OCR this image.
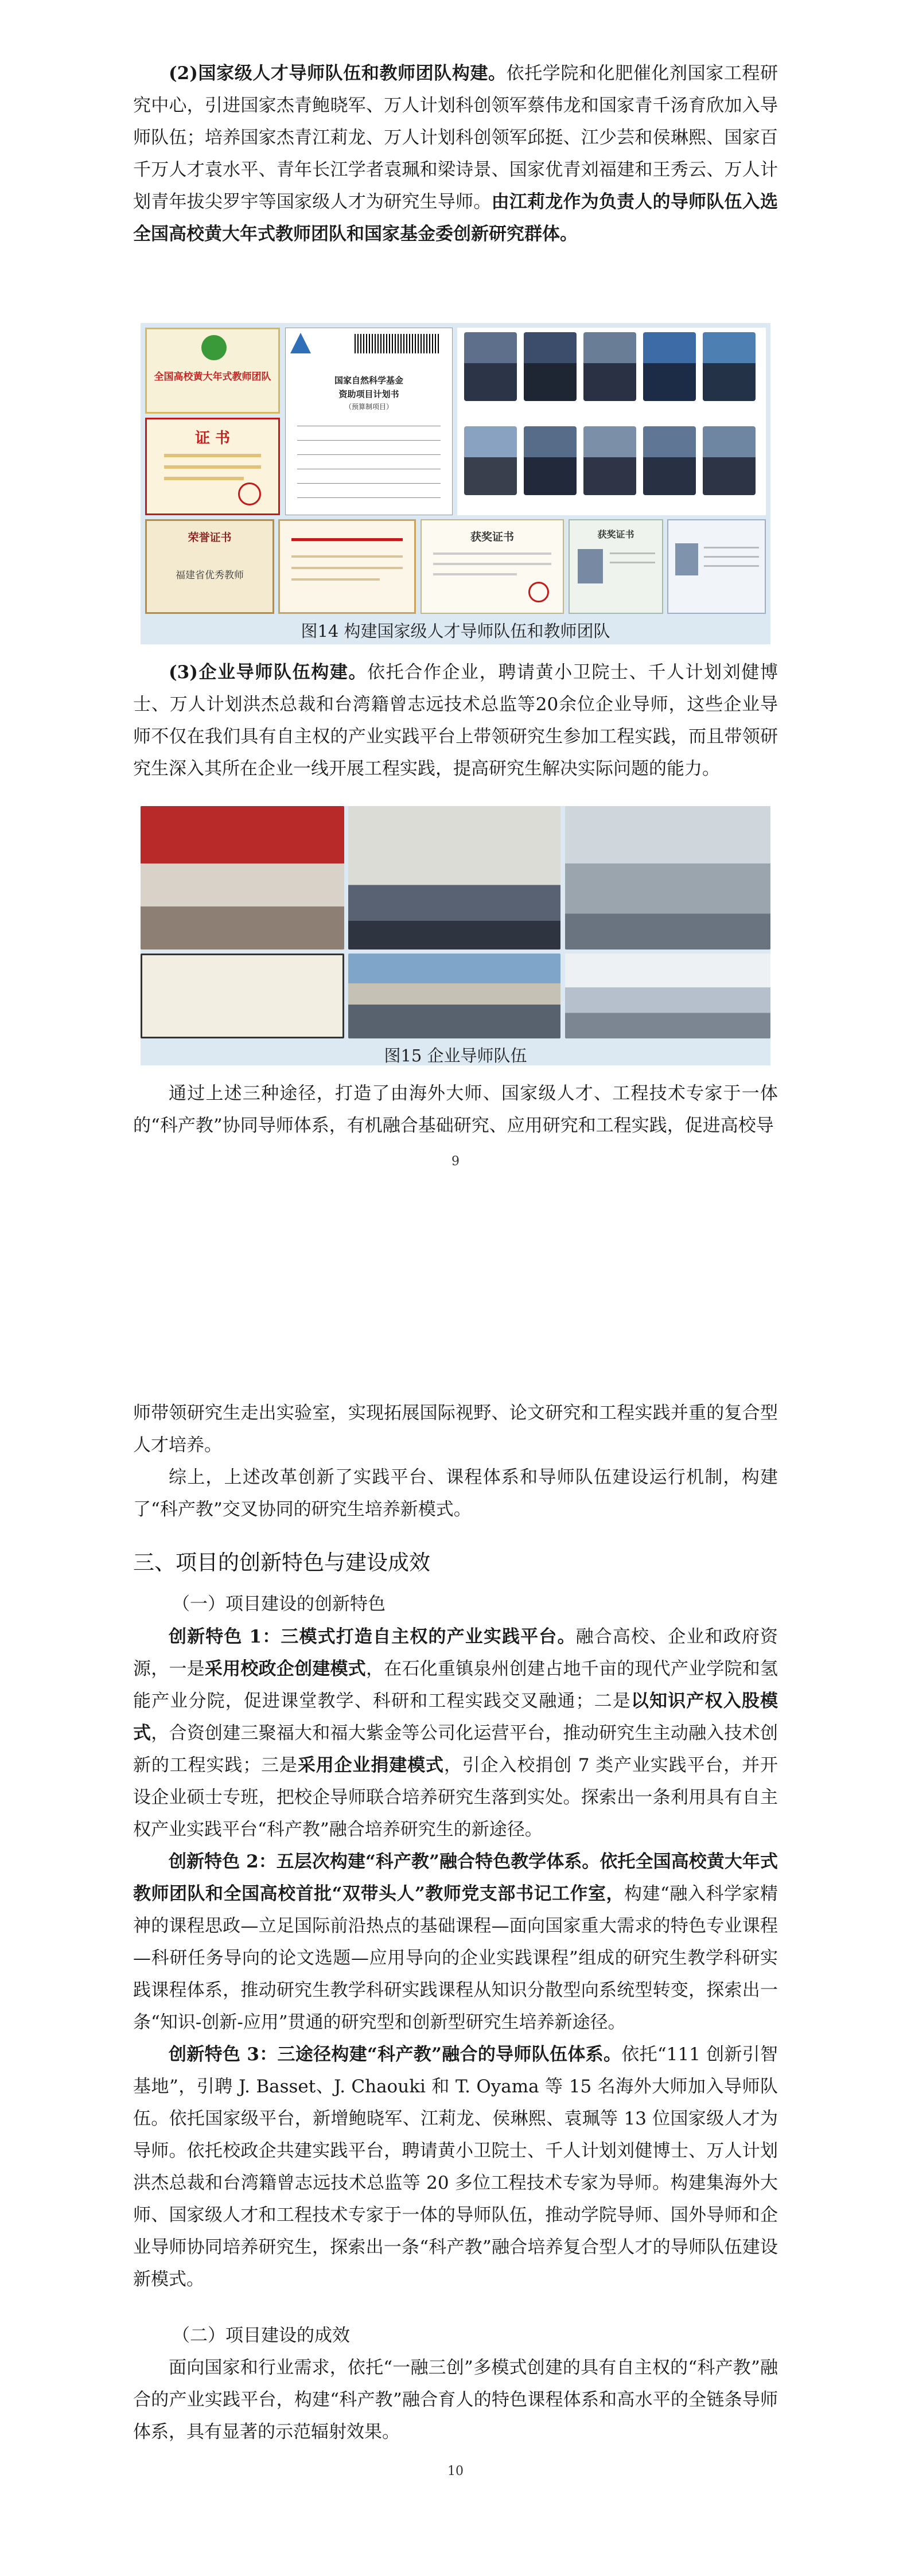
(2)国家级人才导师队伍和教师团队构建。依托学院和化肥催化剂国家工程研究中心，引进国家杰青鲍晓军、万人计划科创领军蔡伟龙和国家青千汤育欣加入导师队伍；培养国家杰青江莉龙、万人计划科创领军邱挺、江少芸和侯琳熙、国家百千万人才袁水平、青年长江学者袁珮和梁诗景、国家优青刘福建和王秀云、万人计划青年拔尖罗宇等国家级人才为研究生导师。由江莉龙作为负责人的导师队伍入选全国高校黄大年式教师团队和国家基金委创新研究群体。

全国高校黄大年式教师团队
证 书
国家自然科学基金
资助项目计划书
（预算制项目）
荣誉证书
福建省优秀教师
获奖证书	获奖证书
图14 构建国家级人才导师队伍和教师团队

(3)企业导师队伍构建。依托合作企业，聘请黄小卫院士、千人计划刘健博士、万人计划洪杰总裁和台湾籍曾志远技术总监等20余位企业导师，这些企业导师不仅在我们具有自主权的产业实践平台上带领研究生参加工程实践，而且带领研究生深入其所在企业一线开展工程实践，提高研究生解决实际问题的能力。

图15 企业导师队伍

通过上述三种途径，打造了由海外大师、国家级人才、工程技术专家于一体的“科产教”协同导师体系，有机融合基础研究、应用研究和工程实践，促进高校导

9

师带领研究生走出实验室，实现拓展国际视野、论文研究和工程实践并重的复合型人才培养。

综上，上述改革创新了实践平台、课程体系和导师队伍建设运行机制，构建了“科产教”交叉协同的研究生培养新模式。

三、项目的创新特色与建设成效
（一）项目建设的创新特色

创新特色 1：三模式打造自主权的产业实践平台。融合高校、企业和政府资源，一是采用校政企创建模式，在石化重镇泉州创建占地千亩的现代产业学院和氢能产业分院，促进课堂教学、科研和工程实践交叉融通；二是以知识产权入股模式，合资创建三聚福大和福大紫金等公司化运营平台，推动研究生主动融入技术创新的工程实践；三是采用企业捐建模式，引企入校捐创 7 类产业实践平台，并开设企业硕士专班，把校企导师联合培养研究生落到实处。探索出一条利用具有自主权产业实践平台“科产教”融合培养研究生的新途径。

创新特色 2：五层次构建“科产教”融合特色教学体系。依托全国高校黄大年式教师团队和全国高校首批“双带头人”教师党支部书记工作室，构建“融入科学家精神的课程思政—立足国际前沿热点的基础课程—面向国家重大需求的特色专业课程—科研任务导向的论文选题—应用导向的企业实践课程”组成的研究生教学科研实践课程体系，推动研究生教学科研实践课程从知识分散型向系统型转变，探索出一条“知识-创新-应用”贯通的研究型和创新型研究生培养新途径。

创新特色 3：三途径构建“科产教”融合的导师队伍体系。依托“111 创新引智基地”，引聘 J. Basset、J. Chaouki 和 T. Oyama 等 15 名海外大师加入导师队伍。依托国家级平台，新增鲍晓军、江莉龙、侯琳熙、袁珮等 13 位国家级人才为导师。依托校政企共建实践平台，聘请黄小卫院士、千人计划刘健博士、万人计划洪杰总裁和台湾籍曾志远技术总监等 20 多位工程技术专家为导师。构建集海外大师、国家级人才和工程技术专家于一体的导师队伍，推动学院导师、国外导师和企业导师协同培养研究生，探索出一条“科产教”融合培养复合型人才的导师队伍建设新模式。

（二）项目建设的成效

面向国家和行业需求，依托“一融三创”多模式创建的具有自主权的“科产教”融合的产业实践平台，构建“科产教”融合育人的特色课程体系和高水平的全链条导师体系，具有显著的示范辐射效果。

10
